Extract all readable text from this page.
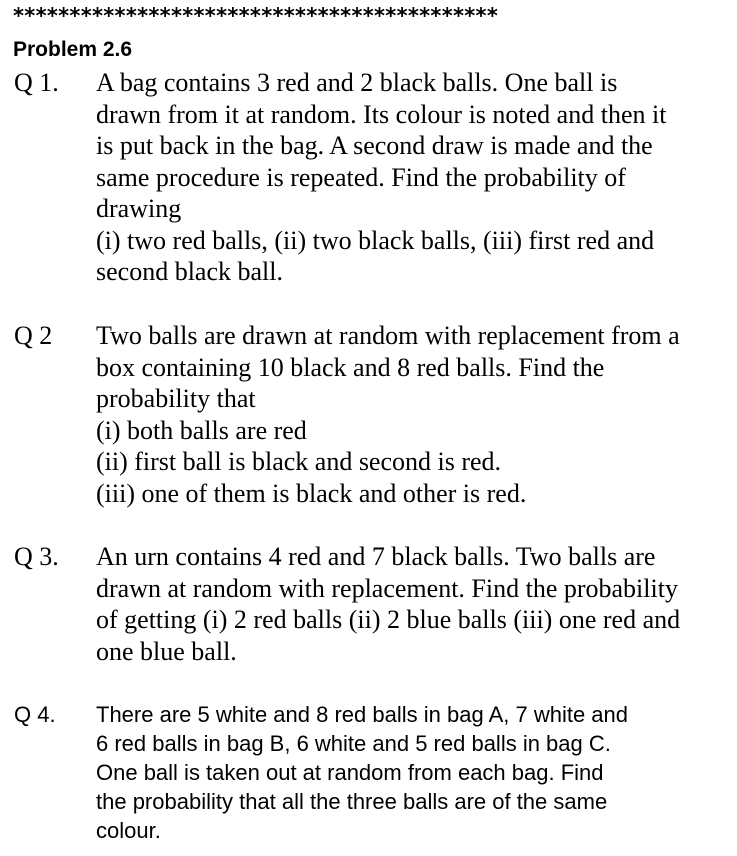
*******************************************
Problem 2.6
Q 1. A bag contains 3 red and 2 black balls. One ball is
drawn from it at random. Its colour is noted and then it
is put back in the bag. A second draw is made and the
same procedure is repeated. Find the probability of
drawing
(i) two red balls, (ii) two black balls, (iii) first red and
second black ball.
Q 2 Two balls are drawn at random with replacement from a
box containing 10 black and 8 red balls. Find the
probability that
(i) both balls are red
(ii) first ball is black and second is red.
(iii) one of them is black and other is red.
Q 3. An urn contains 4 red and 7 black balls. Two balls are
drawn at random with replacement. Find the probability
of getting (i) 2 red balls (ii) 2 blue balls (iii) one red and
one blue ball.
Q 4. There are 5 white and 8 red balls in bag A, 7 white and
6 red balls in bag B, 6 white and 5 red balls in bag C.
One ball is taken out at random from each bag. Find
the probability that all the three balls are of the same
colour.
